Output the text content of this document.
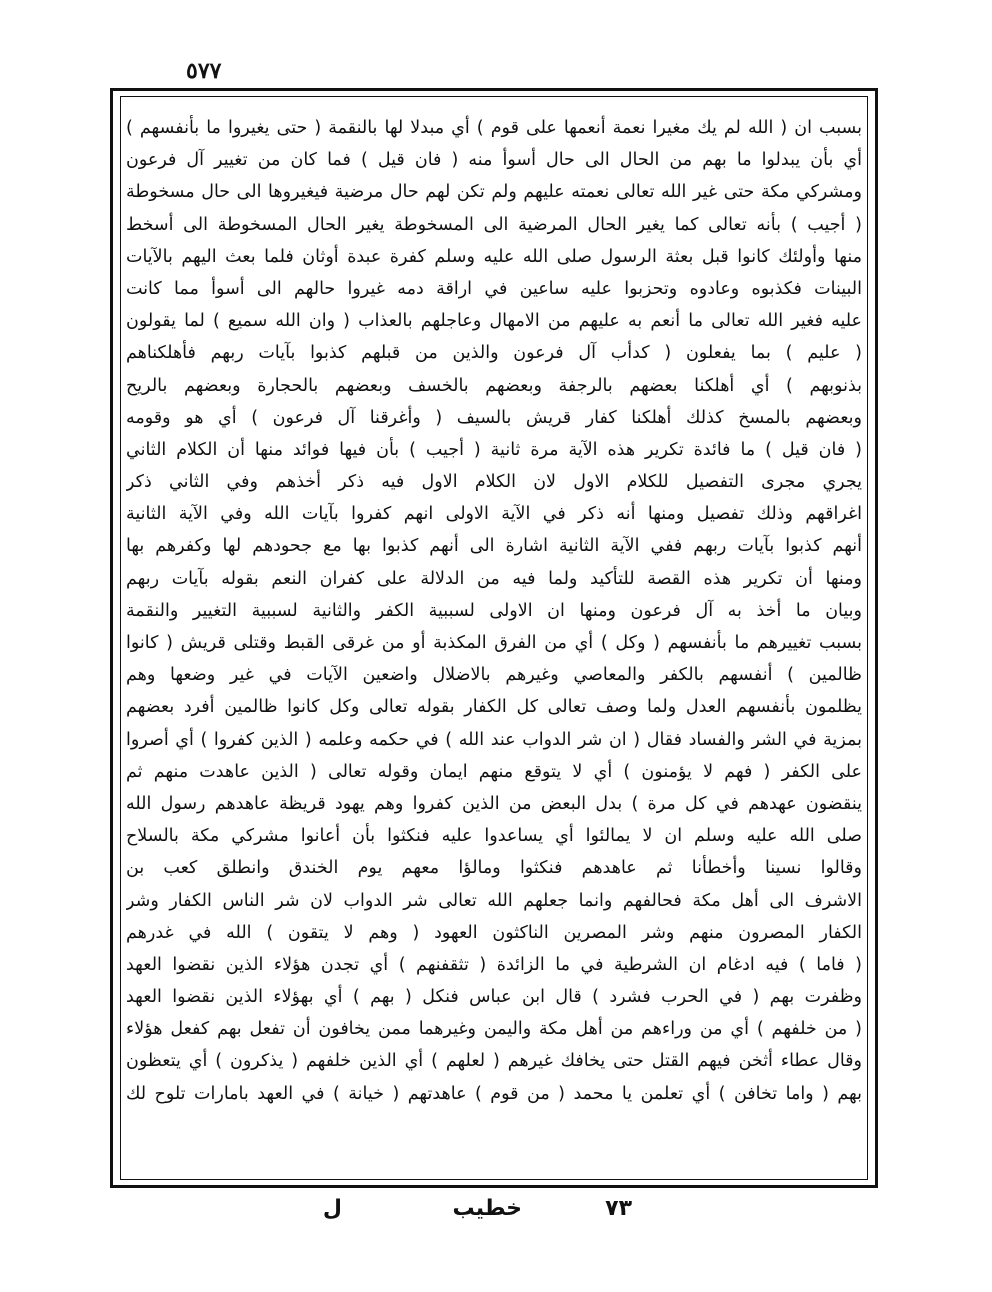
٥٧٧
بسبب ان ( الله لم يك مغيرا نعمة أنعمها على قوم ) أي مبدلا لها بالنقمة ( حتى يغيروا ما بأنفسهم )
أي بأن يبدلوا ما بهم من الحال الى حال أسوأ منه ( فان قيل ) فما كان من تغيير آل فرعون
ومشركي مكة حتى غير الله تعالى نعمته عليهم ولم تكن لهم حال مرضية فيغيروها الى حال مسخوطة
( أجيب ) بأنه تعالى كما يغير الحال المرضية الى المسخوطة يغير الحال المسخوطة الى أسخط
منها وأولئك كانوا قبل بعثة الرسول صلى الله عليه وسلم كفرة عبدة أوثان فلما بعث اليهم بالآيات
البينات فكذبوه وعادوه وتحزبوا عليه ساعين في اراقة دمه غيروا حالهم الى أسوأ مما كانت
عليه فغير الله تعالى ما أنعم به عليهم من الامهال وعاجلهم بالعذاب ( وان الله سميع ) لما يقولون
( عليم ) بما يفعلون ( كدأب آل فرعون والذين من قبلهم كذبوا بآيات ربهم فأهلكناهم
بذنوبهم ) أي أهلكنا بعضهم بالرجفة وبعضهم بالخسف وبعضهم بالحجارة وبعضهم بالريح
وبعضهم بالمسخ كذلك أهلكنا كفار قريش بالسيف ( وأغرقنا آل فرعون ) أي هو وقومه
( فان قيل ) ما فائدة تكرير هذه الآية مرة ثانية ( أجيب ) بأن فيها فوائد منها أن الكلام الثاني
يجري مجرى التفصيل للكلام الاول لان الكلام الاول فيه ذكر أخذهم وفي الثاني ذكر
اغراقهم وذلك تفصيل ومنها أنه ذكر في الآية الاولى انهم كفروا بآيات الله وفي الآية الثانية
أنهم كذبوا بآيات ربهم ففي الآية الثانية اشارة الى أنهم كذبوا بها مع جحودهم لها وكفرهم بها
ومنها أن تكرير هذه القصة للتأكيد ولما فيه من الدلالة على كفران النعم بقوله بآيات ربهم
وبيان ما أخذ به آل فرعون ومنها ان الاولى لسببية الكفر والثانية لسببية التغيير والنقمة
بسبب تغييرهم ما بأنفسهم ( وكل ) أي من الفرق المكذبة أو من غرقى القبط وقتلى قريش ( كانوا
ظالمين ) أنفسهم بالكفر والمعاصي وغيرهم بالاضلال واضعين الآيات في غير وضعها وهم
يظلمون بأنفسهم العدل ولما وصف تعالى كل الكفار بقوله تعالى وكل كانوا ظالمين أفرد بعضهم
بمزية في الشر والفساد فقال ( ان شر الدواب عند الله ) في حكمه وعلمه ( الذين كفروا ) أي أصروا
على الكفر ( فهم لا يؤمنون ) أي لا يتوقع منهم ايمان وقوله تعالى ( الذين عاهدت منهم ثم
ينقضون عهدهم في كل مرة ) بدل البعض من الذين كفروا وهم يهود قريظة عاهدهم رسول الله
صلى الله عليه وسلم ان لا يمالئوا أي يساعدوا عليه فنكثوا بأن أعانوا مشركي مكة بالسلاح
وقالوا نسينا وأخطأنا ثم عاهدهم فنكثوا ومالؤا معهم يوم الخندق وانطلق كعب بن
الاشرف الى أهل مكة فحالفهم وانما جعلهم الله تعالى شر الدواب لان شر الناس الكفار وشر
الكفار المصرون منهم وشر المصرين الناكثون العهود ( وهم لا يتقون ) الله في غدرهم
( فاما ) فيه ادغام ان الشرطية في ما الزائدة ( تثقفنهم ) أي تجدن هؤلاء الذين نقضوا العهد
وظفرت بهم ( في الحرب فشرد ) قال ابن عباس فنكل ( بهم ) أي بهؤلاء الذين نقضوا العهد
( من خلفهم ) أي من وراءهم من أهل مكة واليمن وغيرهما ممن يخافون أن تفعل بهم كفعل هؤلاء
وقال عطاء أثخن فيهم القتل حتى يخافك غيرهم ( لعلهم ) أي الذين خلفهم ( يذكرون ) أي يتعظون
بهم ( واما تخافن ) أي تعلمن يا محمد ( من قوم ) عاهدتهم ( خيانة ) في العهد بامارات تلوح لك
خطيب	٧٣
ل
